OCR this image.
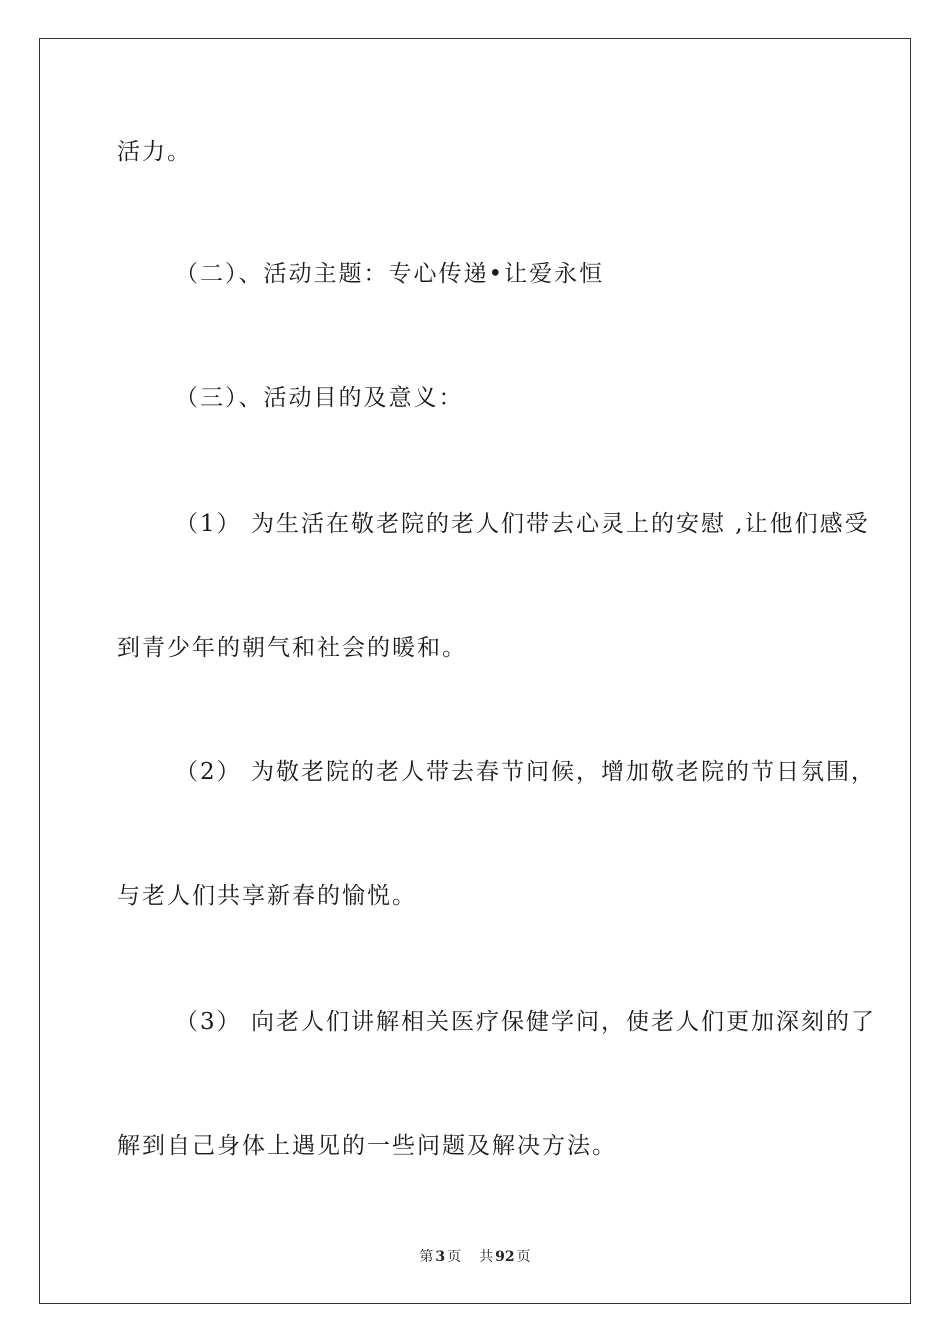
活力。
（二）、活动主题：专心传递•让爱永恒
（三）、活动目的及意义：
（1） 为生活在敬老院的老人们带去心灵上的安慰 ,让他们感受
到青少年的朝气和社会的暖和。
（2） 为敬老院的老人带去春节问候，增加敬老院的节日氛围，
与老人们共享新春的愉悦。
（3） 向老人们讲解相关医疗保健学问，使老人们更加深刻的了
解到自己身体上遇见的一些问题及解决方法。
第 3 页 共 92 页
